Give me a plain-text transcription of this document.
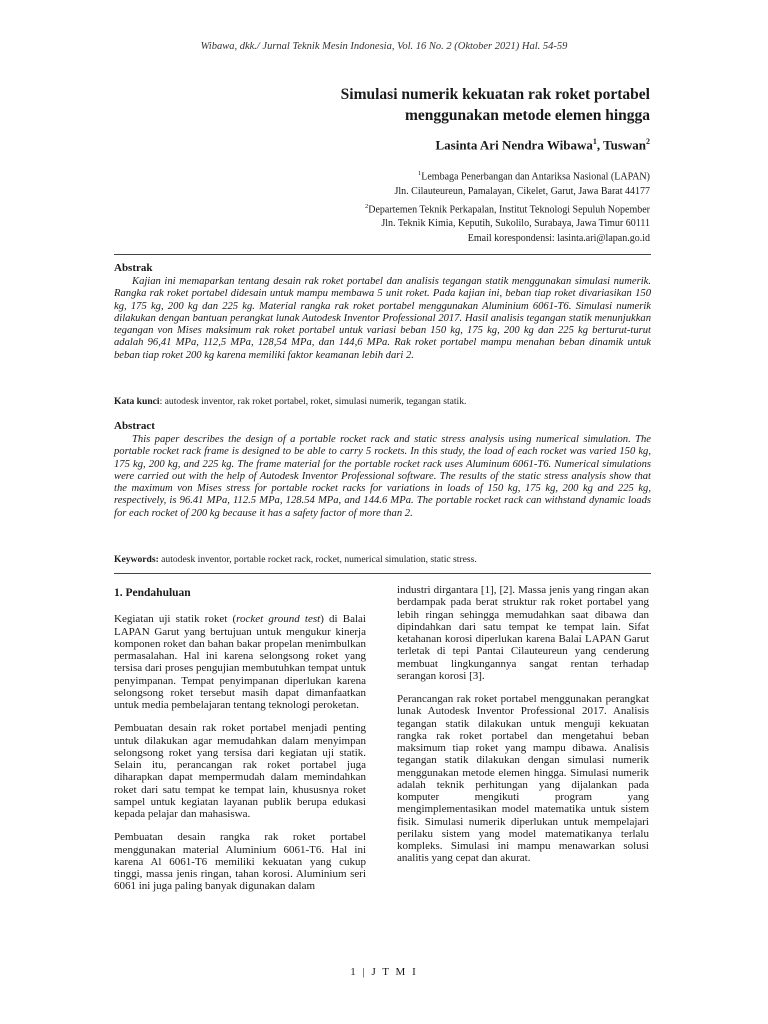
Wibawa, dkk./ Jurnal Teknik Mesin Indonesia, Vol. 16 No. 2 (Oktober 2021) Hal. 54-59
Simulasi numerik kekuatan rak roket portabel
menggunakan metode elemen hingga
Lasinta Ari Nendra Wibawa$^1$, Tuswan$^2$
$^1$Lembaga Penerbangan dan Antariksa Nasional (LAPAN)
Jln. Cilauteureun, Pamalayan, Cikelet, Garut, Jawa Barat 44177
$^2$Departemen Teknik Perkapalan, Institut Teknologi Sepuluh Nopember
Jln. Teknik Kimia, Keputih, Sukolilo, Surabaya, Jawa Timur 60111
Email korespondensi: lasinta.ari@lapan.go.id
Abstrak

Kajian ini memaparkan tentang desain rak roket portabel dan analisis tegangan statik menggunakan simulasi numerik. Rangka rak roket portabel didesain untuk mampu membawa 5 unit roket. Pada kajian ini, beban tiap roket divariasikan 150 kg, 175 kg, 200 kg dan 225 kg. Material rangka rak roket portabel menggunakan Aluminium 6061-T6. Simulasi numerik dilakukan dengan bantuan perangkat lunak Autodesk Inventor Professional 2017. Hasil analisis tegangan statik menunjukkan tegangan von Mises maksimum rak roket portabel untuk variasi beban 150 kg, 175 kg, 200 kg dan 225 kg berturut-turut adalah 96,41 MPa, 112,5 MPa, 128,54 MPa, dan 144,6 MPa. Rak roket portabel mampu menahan beban dinamik untuk beban tiap roket 200 kg karena memiliki faktor keamanan lebih dari 2.

Kata kunci: autodesk inventor, rak roket portabel, roket, simulasi numerik, tegangan statik.
Abstract

This paper describes the design of a portable rocket rack and static stress analysis using numerical simulation. The portable rocket rack frame is designed to be able to carry 5 rockets. In this study, the load of each rocket was varied 150 kg, 175 kg, 200 kg, and 225 kg. The frame material for the portable rocket rack uses Aluminum 6061-T6. Numerical simulations were carried out with the help of Autodesk Inventor Professional software. The results of the static stress analysis show that the maximum von Mises stress for portable rocket racks for variations in loads of 150 kg, 175 kg, 200 kg and 225 kg, respectively, is 96.41 MPa, 112.5 MPa, 128.54 MPa, and 144.6 MPa. The portable rocket rack can withstand dynamic loads for each rocket of 200 kg because it has a safety factor of more than 2.

Keywords: autodesk inventor, portable rocket rack, rocket, numerical simulation, static stress.
1. Pendahuluan

Kegiatan uji statik roket (rocket ground test) di Balai LAPAN Garut yang bertujuan untuk mengukur kinerja komponen roket dan bahan bakar propelan menimbulkan permasalahan. Hal ini karena selongsong roket yang tersisa dari proses pengujian membutuhkan tempat untuk penyimpanan. Tempat penyimpanan diperlukan karena selongsong roket tersebut masih dapat dimanfaatkan untuk media pembelajaran tentang teknologi peroketan.

Pembuatan desain rak roket portabel menjadi penting untuk dilakukan agar memudahkan dalam menyimpan selongsong roket yang tersisa dari kegiatan uji statik. Selain itu, perancangan rak roket portabel juga diharapkan dapat mempermudah dalam memindahkan roket dari satu tempat ke tempat lain, khususnya roket sampel untuk kegiatan layanan publik berupa edukasi kepada pelajar dan mahasiswa.

Pembuatan desain rangka rak roket portabel menggunakan material Aluminium 6061-T6. Hal ini karena Al 6061-T6 memiliki kekuatan yang cukup tinggi, massa jenis ringan, tahan korosi. Aluminium seri 6061 ini juga paling banyak digunakan dalam

industri dirgantara [1], [2]. Massa jenis yang ringan akan berdampak pada berat struktur rak roket portabel yang lebih ringan sehingga memudahkan saat dibawa dan dipindahkan dari satu tempat ke tempat lain. Sifat ketahanan korosi diperlukan karena Balai LAPAN Garut terletak di tepi Pantai Cilauteureun yang cenderung membuat lingkungannya sangat rentan terhadap serangan korosi [3].

Perancangan rak roket portabel menggunakan perangkat lunak Autodesk Inventor Professional 2017. Analisis tegangan statik dilakukan untuk menguji kekuatan rangka rak roket portabel dan mengetahui beban maksimum tiap roket yang mampu dibawa. Analisis tegangan statik dilakukan dengan simulasi numerik menggunakan metode elemen hingga. Simulasi numerik adalah teknik perhitungan yang dijalankan pada komputer mengikuti program yang mengimplementasikan model matematika untuk sistem fisik. Simulasi numerik diperlukan untuk mempelajari perilaku sistem yang model matematikanya terlalu kompleks. Simulasi ini mampu menawarkan solusi analitis yang cepat dan akurat.

1 | J T M I
